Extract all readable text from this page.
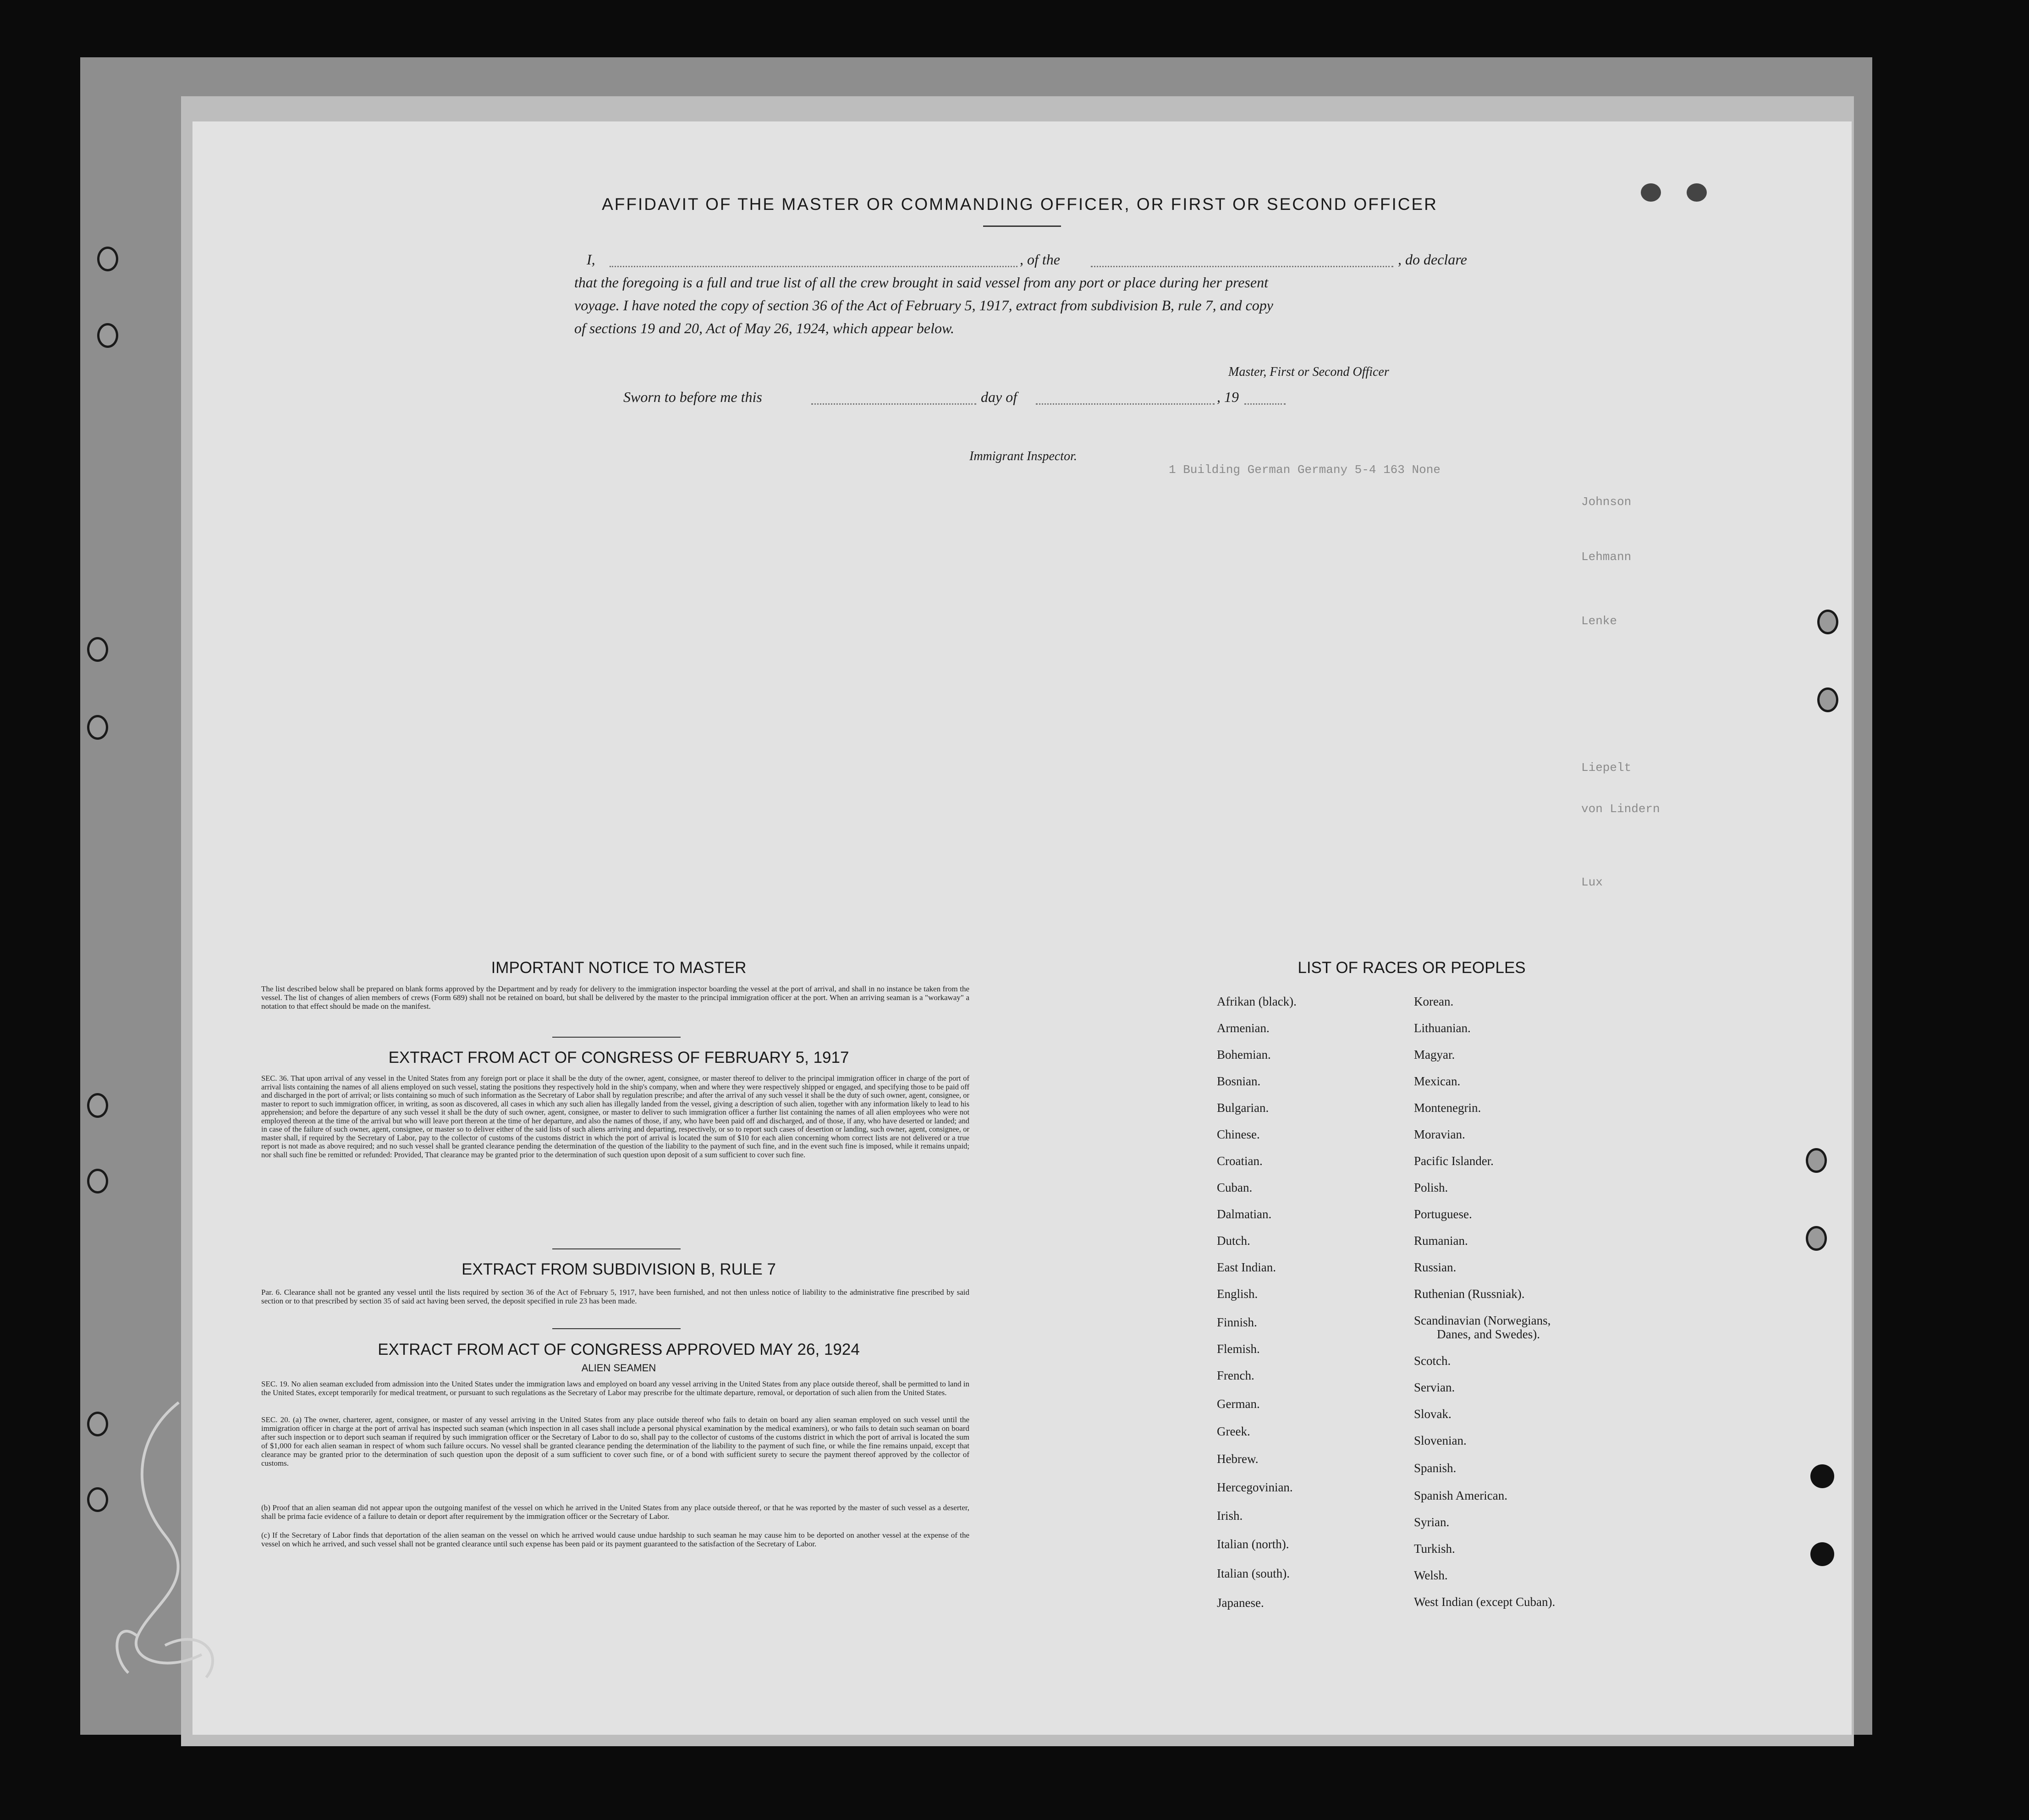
1 Building German Germany 5-4 163 None
Johnson
Lehmann
Lenke
Liepelt
von Lindern
Lux
AFFIDAVIT OF THE MASTER OR COMMANDING OFFICER, OR FIRST OR SECOND OFFICER
I,	, of the	, do declare
that the foregoing is a full and true list of all the crew brought in said vessel from any port or place during her present
voyage. I have noted the copy of section 36 of the Act of February 5, 1917, extract from subdivision B, rule 7, and copy
of sections 19 and 20, Act of May 26, 1924, which appear below.
Master, First or Second Officer
Sworn to before me this	day of	, 19
Immigrant Inspector.
IMPORTANT NOTICE TO MASTER
The list described below shall be prepared on blank forms approved by the Department and by ready for delivery to the immigration inspector boarding the vessel at the port of arrival, and shall in no instance be taken from the vessel. The list of changes of alien members of crews (Form 689) shall not be retained on board, but shall be delivered by the master to the principal immigration officer at the port. When an arriving seaman is a "workaway" a notation to that effect should be made on the manifest.
EXTRACT FROM ACT OF CONGRESS OF FEBRUARY 5, 1917
SEC. 36. That upon arrival of any vessel in the United States from any foreign port or place it shall be the duty of the owner, agent, consignee, or master thereof to deliver to the principal immigration officer in charge of the port of arrival lists containing the names of all aliens employed on such vessel, stating the positions they respectively hold in the ship's company, when and where they were respectively shipped or engaged, and specifying those to be paid off and discharged in the port of arrival; or lists containing so much of such information as the Secretary of Labor shall by regulation prescribe; and after the arrival of any such vessel it shall be the duty of such owner, agent, consignee, or master to report to such immigration officer, in writing, as soon as discovered, all cases in which any such alien has illegally landed from the vessel, giving a description of such alien, together with any information likely to lead to his apprehension; and before the departure of any such vessel it shall be the duty of such owner, agent, consignee, or master to deliver to such immigration officer a further list containing the names of all alien employees who were not employed thereon at the time of the arrival but who will leave port thereon at the time of her departure, and also the names of those, if any, who have been paid off and discharged, and of those, if any, who have deserted or landed; and in case of the failure of such owner, agent, consignee, or master so to deliver either of the said lists of such aliens arriving and departing, respectively, or so to report such cases of desertion or landing, such owner, agent, consignee, or master shall, if required by the Secretary of Labor, pay to the collector of customs of the customs district in which the port of arrival is located the sum of $10 for each alien concerning whom correct lists are not delivered or a true report is not made as above required; and no such vessel shall be granted clearance pending the determination of the question of the liability to the payment of such fine, and in the event such fine is imposed, while it remains unpaid; nor shall such fine be remitted or refunded: Provided, That clearance may be granted prior to the determination of such question upon deposit of a sum sufficient to cover such fine.
EXTRACT FROM SUBDIVISION B, RULE 7
Par. 6. Clearance shall not be granted any vessel until the lists required by section 36 of the Act of February 5, 1917, have been furnished, and not then unless notice of liability to the administrative fine prescribed by said section or to that prescribed by section 35 of said act having been served, the deposit specified in rule 23 has been made.
EXTRACT FROM ACT OF CONGRESS APPROVED MAY 26, 1924
ALIEN SEAMEN
SEC. 19. No alien seaman excluded from admission into the United States under the immigration laws and employed on board any vessel arriving in the United States from any place outside thereof, shall be permitted to land in the United States, except temporarily for medical treatment, or pursuant to such regulations as the Secretary of Labor may prescribe for the ultimate departure, removal, or deportation of such alien from the United States.
SEC. 20. (a) The owner, charterer, agent, consignee, or master of any vessel arriving in the United States from any place outside thereof who fails to detain on board any alien seaman employed on such vessel until the immigration officer in charge at the port of arrival has inspected such seaman (which inspection in all cases shall include a personal physical examination by the medical examiners), or who fails to detain such seaman on board after such inspection or to deport such seaman if required by such immigration officer or the Secretary of Labor to do so, shall pay to the collector of customs of the customs district in which the port of arrival is located the sum of $1,000 for each alien seaman in respect of whom such failure occurs. No vessel shall be granted clearance pending the determination of the liability to the payment of such fine, or while the fine remains unpaid, except that clearance may be granted prior to the determination of such question upon the deposit of a sum sufficient to cover such fine, or of a bond with sufficient surety to secure the payment thereof approved by the collector of customs.
(b) Proof that an alien seaman did not appear upon the outgoing manifest of the vessel on which he arrived in the United States from any place outside thereof, or that he was reported by the master of such vessel as a deserter, shall be prima facie evidence of a failure to detain or deport after requirement by the immigration officer or the Secretary of Labor.
(c) If the Secretary of Labor finds that deportation of the alien seaman on the vessel on which he arrived would cause undue hardship to such seaman he may cause him to be deported on another vessel at the expense of the vessel on which he arrived, and such vessel shall not be granted clearance until such expense has been paid or its payment guaranteed to the satisfaction of the Secretary of Labor.
LIST OF RACES OR PEOPLES
Afrikan (black).
Armenian.
Bohemian.
Bosnian.
Bulgarian.
Chinese.
Croatian.
Cuban.
Dalmatian.
Dutch.
East Indian.
English.
Finnish.
Flemish.
French.
German.
Greek.
Hebrew.
Hercegovinian.
Irish.
Italian (north).
Italian (south).
Japanese.
Korean.
Lithuanian.
Magyar.
Mexican.
Montenegrin.
Moravian.
Pacific Islander.
Polish.
Portuguese.
Rumanian.
Russian.
Ruthenian (Russniak).
Scandinavian (Norwegians,
Danes, and Swedes).
Scotch.
Servian.
Slovak.
Slovenian.
Spanish.
Spanish American.
Syrian.
Turkish.
Welsh.
West Indian (except Cuban).
